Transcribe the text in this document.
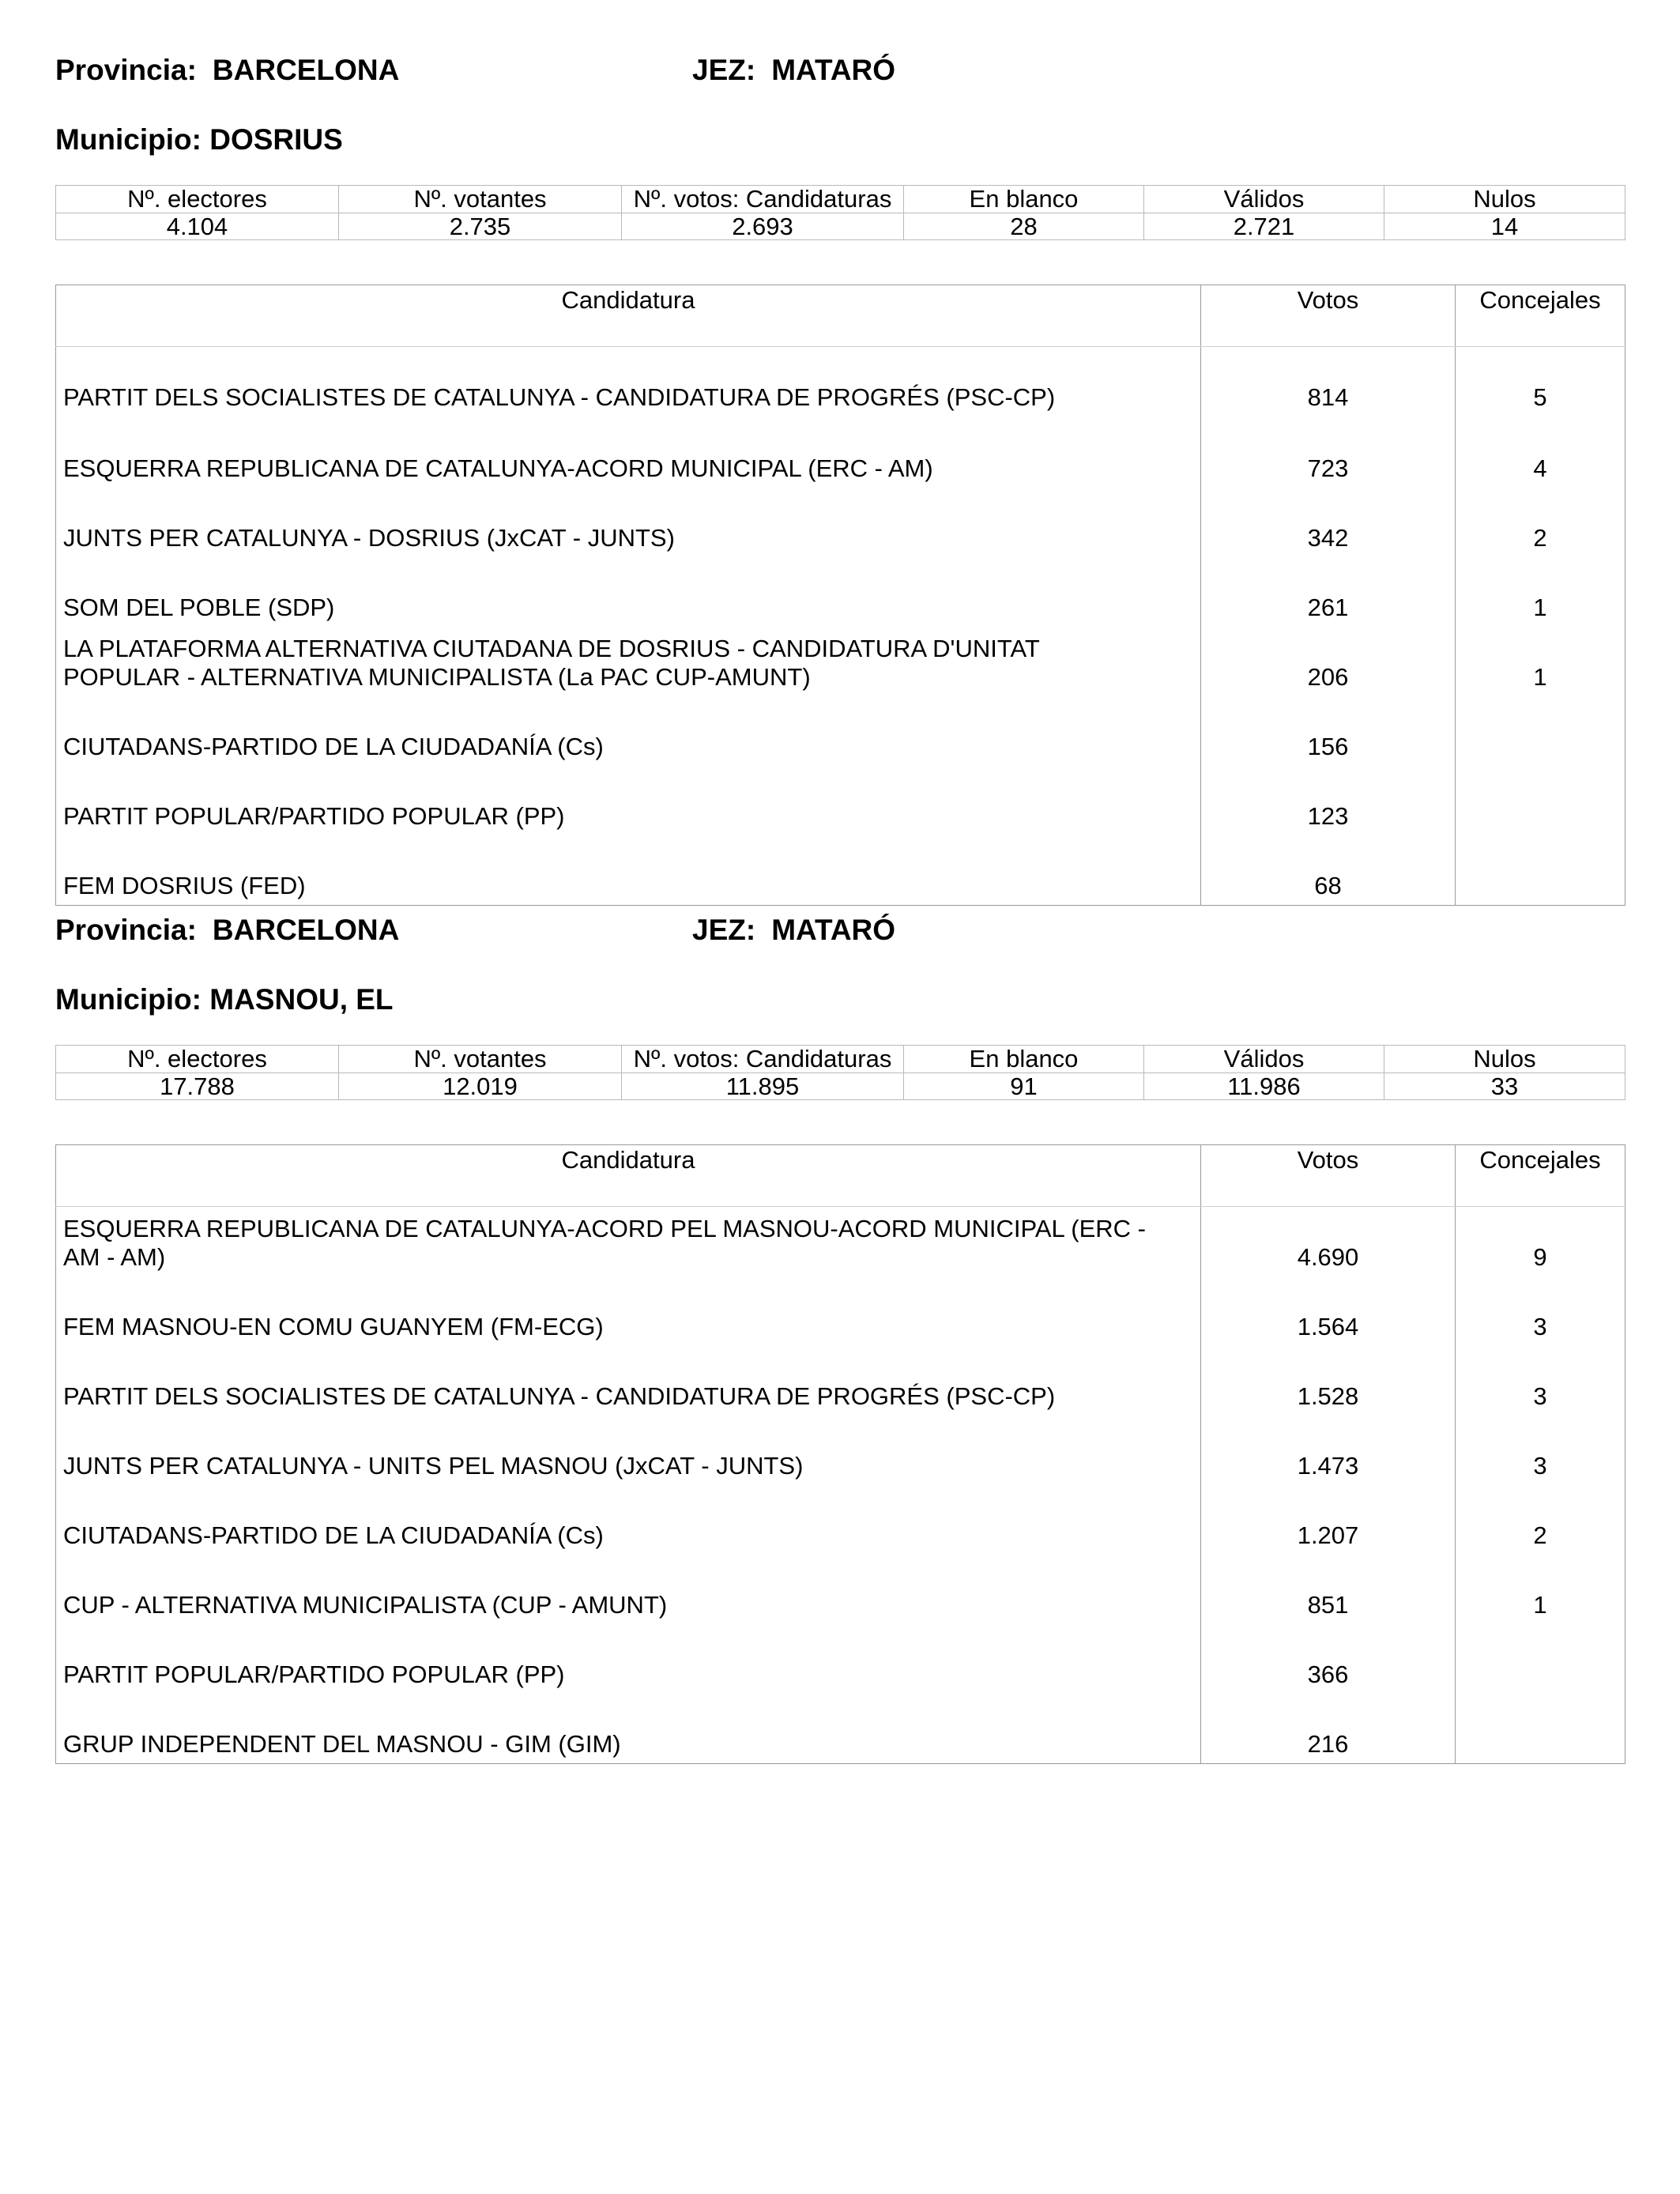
Provincia: BARCELONA	JEZ: MATARÓ
Municipio: DOSRIUS
Nº. electores	Nº. votantes	Nº. votos: Candidaturas	En blanco	Válidos	Nulos
4.104	2.735	2.693	28	2.721	14
Candidatura	Votos	Concejales
PARTIT DELS SOCIALISTES DE CATALUNYA - CANDIDATURA DE PROGRÉS (PSC-CP)	814	5
ESQUERRA REPUBLICANA DE CATALUNYA-ACORD MUNICIPAL (ERC - AM)	723	4
JUNTS PER CATALUNYA - DOSRIUS (JxCAT - JUNTS)	342	2
SOM DEL POBLE (SDP)	261	1
LA PLATAFORMA ALTERNATIVA CIUTADANA DE DOSRIUS - CANDIDATURA D'UNITAT POPULAR - ALTERNATIVA MUNICIPALISTA (La PAC CUP-AMUNT)	206	1
CIUTADANS-PARTIDO DE LA CIUDADANÍA (Cs)	156	
PARTIT POPULAR/PARTIDO POPULAR (PP)	123	
FEM DOSRIUS (FED)	68	
Provincia: BARCELONA	JEZ: MATARÓ
Municipio: MASNOU, EL
Nº. electores	Nº. votantes	Nº. votos: Candidaturas	En blanco	Válidos	Nulos
17.788	12.019	11.895	91	11.986	33
Candidatura	Votos	Concejales
ESQUERRA REPUBLICANA DE CATALUNYA-ACORD PEL MASNOU-ACORD MUNICIPAL (ERC - AM - AM)	4.690	9
FEM MASNOU-EN COMU GUANYEM (FM-ECG)	1.564	3
PARTIT DELS SOCIALISTES DE CATALUNYA - CANDIDATURA DE PROGRÉS (PSC-CP)	1.528	3
JUNTS PER CATALUNYA - UNITS PEL MASNOU (JxCAT - JUNTS)	1.473	3
CIUTADANS-PARTIDO DE LA CIUDADANÍA (Cs)	1.207	2
CUP - ALTERNATIVA MUNICIPALISTA (CUP - AMUNT)	851	1
PARTIT POPULAR/PARTIDO POPULAR (PP)	366	
GRUP INDEPENDENT DEL MASNOU - GIM (GIM)	216	
